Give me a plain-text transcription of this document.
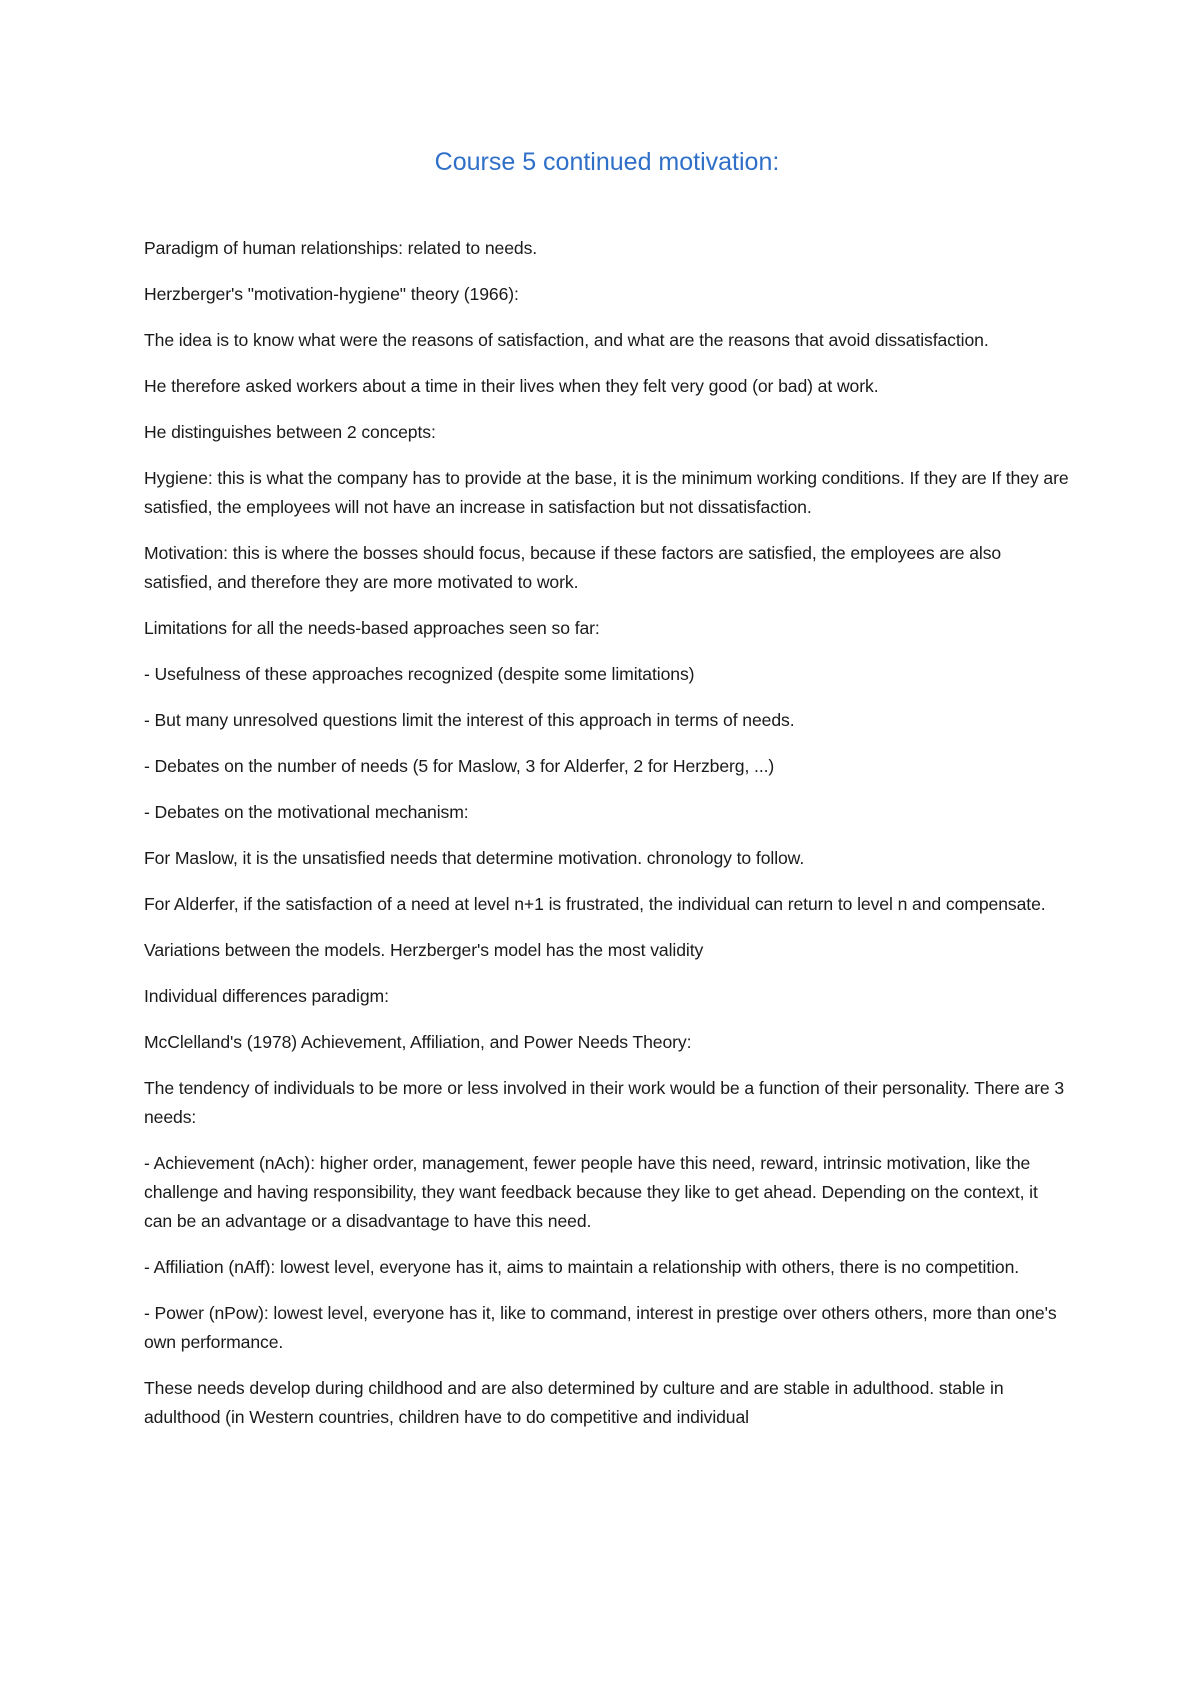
Course 5 continued motivation:

Paradigm of human relationships: related to needs.

Herzberger's "motivation-hygiene" theory (1966):

The idea is to know what were the reasons of satisfaction, and what are the reasons that avoid dissatisfaction.

He therefore asked workers about a time in their lives when they felt very good (or bad) at work.

He distinguishes between 2 concepts:

Hygiene: this is what the company has to provide at the base, it is the minimum working conditions. If they are If they are satisfied, the employees will not have an increase in satisfaction but not dissatisfaction.

Motivation: this is where the bosses should focus, because if these factors are satisfied, the employees are also satisfied, and therefore they are more motivated to work.

Limitations for all the needs-based approaches seen so far:

- Usefulness of these approaches recognized (despite some limitations)

- But many unresolved questions limit the interest of this approach in terms of needs.

- Debates on the number of needs (5 for Maslow, 3 for Alderfer, 2 for Herzberg, ...)

- Debates on the motivational mechanism:

For Maslow, it is the unsatisfied needs that determine motivation. chronology to follow.

For Alderfer, if the satisfaction of a need at level n+1 is frustrated, the individual can return to level n and compensate.

Variations between the models. Herzberger's model has the most validity

Individual differences paradigm:

McClelland's (1978) Achievement, Affiliation, and Power Needs Theory:

The tendency of individuals to be more or less involved in their work would be a function of their personality. There are 3 needs:

- Achievement (nAch): higher order, management, fewer people have this need, reward, intrinsic motivation, like the challenge and having responsibility, they want feedback because they like to get ahead. Depending on the context, it can be an advantage or a disadvantage to have this need.

- Affiliation (nAff): lowest level, everyone has it, aims to maintain a relationship with others, there is no competition.

- Power (nPow): lowest level, everyone has it, like to command, interest in prestige over others others, more than one's own performance.

These needs develop during childhood and are also determined by culture and are stable in adulthood. stable in adulthood (in Western countries, children have to do competitive and individual
